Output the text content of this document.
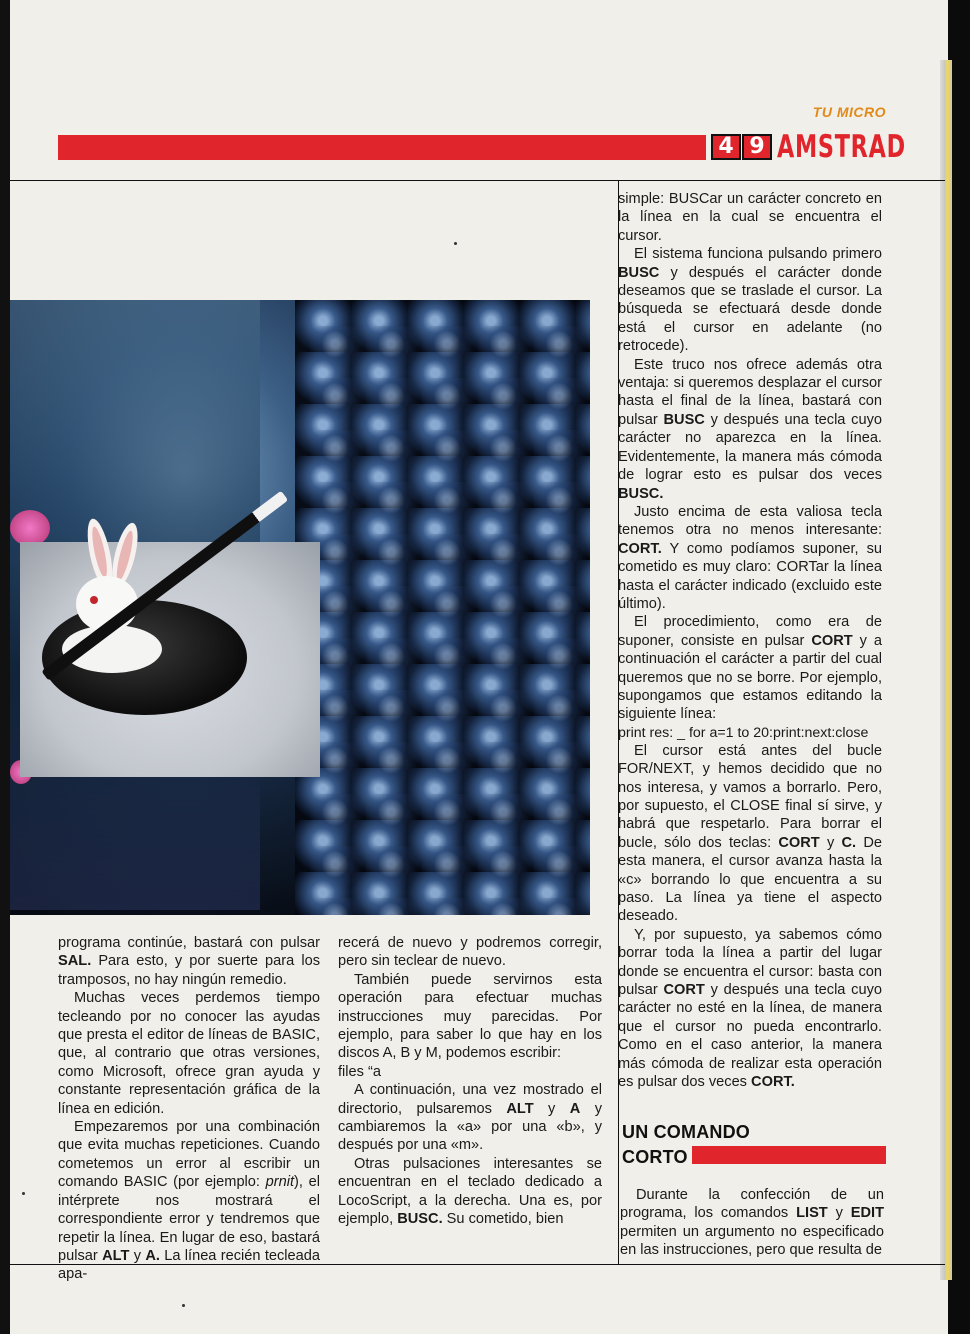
TU MICRO
4 9 AMSTRAD

programa continúe, bastará con pulsar SAL. Para esto, y por suerte para los tramposos, no hay ningún remedio.

Muchas veces perdemos tiempo tecleando por no conocer las ayudas que presta el editor de líneas de BASIC, que, al contrario que otras versiones, como Microsoft, ofrece gran ayuda y constante representación gráfica de la línea en edición.

Empezaremos por una combinación que evita muchas repeticiones. Cuando cometemos un error al escribir un comando BASIC (por ejemplo: prnit), el intérprete nos mostrará el correspondiente error y tendremos que repetir la línea. En lugar de eso, bastará pulsar ALT y A. La línea recién tecleada apa-

recerá de nuevo y podremos corregir, pero sin teclear de nuevo.

También puede servirnos esta operación para efectuar muchas instrucciones muy parecidas. Por ejemplo, para saber lo que hay en los discos A, B y M, podemos escribir:

files “a

A continuación, una vez mostrado el directorio, pulsaremos ALT y A y cambiaremos la «a» por una «b», y después por una «m».

Otras pulsaciones interesantes se encuentran en el teclado dedicado a LocoScript, a la derecha. Una es, por ejemplo, BUSC. Su cometido, bien

simple: BUSCar un carácter concreto en la línea en la cual se encuentra el cursor.

El sistema funciona pulsando primero BUSC y después el carácter donde deseamos que se traslade el cursor. La búsqueda se efectuará desde donde está el cursor en adelante (no retrocede).

Este truco nos ofrece además otra ventaja: si queremos desplazar el cursor hasta el final de la línea, bastará con pulsar BUSC y después una tecla cuyo carácter no aparezca en la línea. Evidentemente, la manera más cómoda de lograr esto es pulsar dos veces BUSC.

Justo encima de esta valiosa tecla tenemos otra no menos interesante: CORT. Y como podíamos suponer, su cometido es muy claro: CORTar la línea hasta el carácter indicado (excluido este último).

El procedimiento, como era de suponer, consiste en pulsar CORT y a continuación el carácter a partir del cual queremos que no se borre. Por ejemplo, supongamos que estamos editando la siguiente línea:

print res: _ for a=1 to 20:print:next:close

El cursor está antes del bucle FOR/NEXT, y hemos decidido que no nos interesa, y vamos a borrarlo. Pero, por supuesto, el CLOSE final sí sirve, y habrá que respetarlo. Para borrar el bucle, sólo dos teclas: CORT y C. De esta manera, el cursor avanza hasta la «c» borrando lo que encuentra a su paso. La línea ya tiene el aspecto deseado.

Y, por supuesto, ya sabemos cómo borrar toda la línea a partir del lugar donde se encuentra el cursor: basta con pulsar CORT y después una tecla cuyo carácter no esté en la línea, de manera que el cursor no pueda encontrarlo. Como en el caso anterior, la manera más cómoda de realizar esta operación es pulsar dos veces CORT.

UN COMANDO
CORTO

Durante la confección de un programa, los comandos LIST y EDIT permiten un argumento no especificado en las instrucciones, pero que resulta de
